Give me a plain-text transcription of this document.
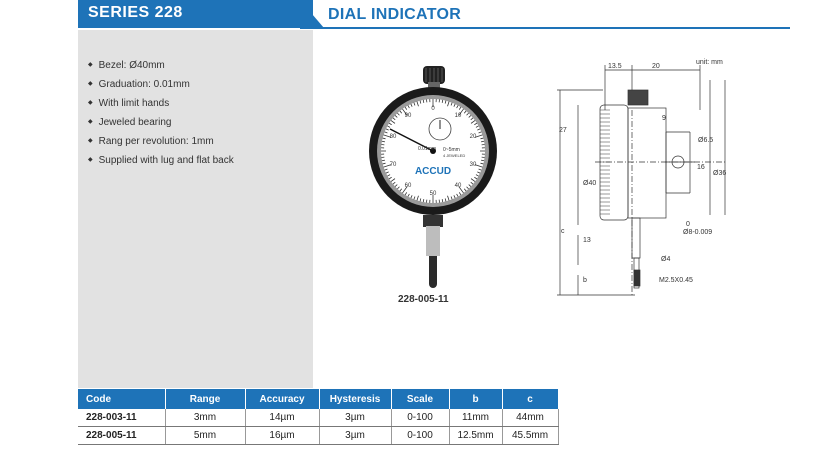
SERIES 228	DIAL INDICATOR
◆ Bezel: Ø40mm
◆ Graduation: 0.01mm
◆ With limit hands
◆ Jeweled bearing
◆ Rang per revolution: 1mm
◆ Supplied with lug and flat back
0.01mm 0~5mm
4 JEWELED
ACCUD
0
10
20
30
40
50
60
70
80
90
228-005-11
unit: mm
13.5	20
9
Ø6.5
27
Ø40
16
Ø36
0
Ø8-0.009
c
13
Ø4
b	M2.5X0.45
Code	Range	Accuracy	Hysteresis	Scale	b	c
228-003-11	3mm	14µm	3µm	0-100	11mm	44mm
228-005-11	5mm	16µm	3µm	0-100	12.5mm	45.5mm
